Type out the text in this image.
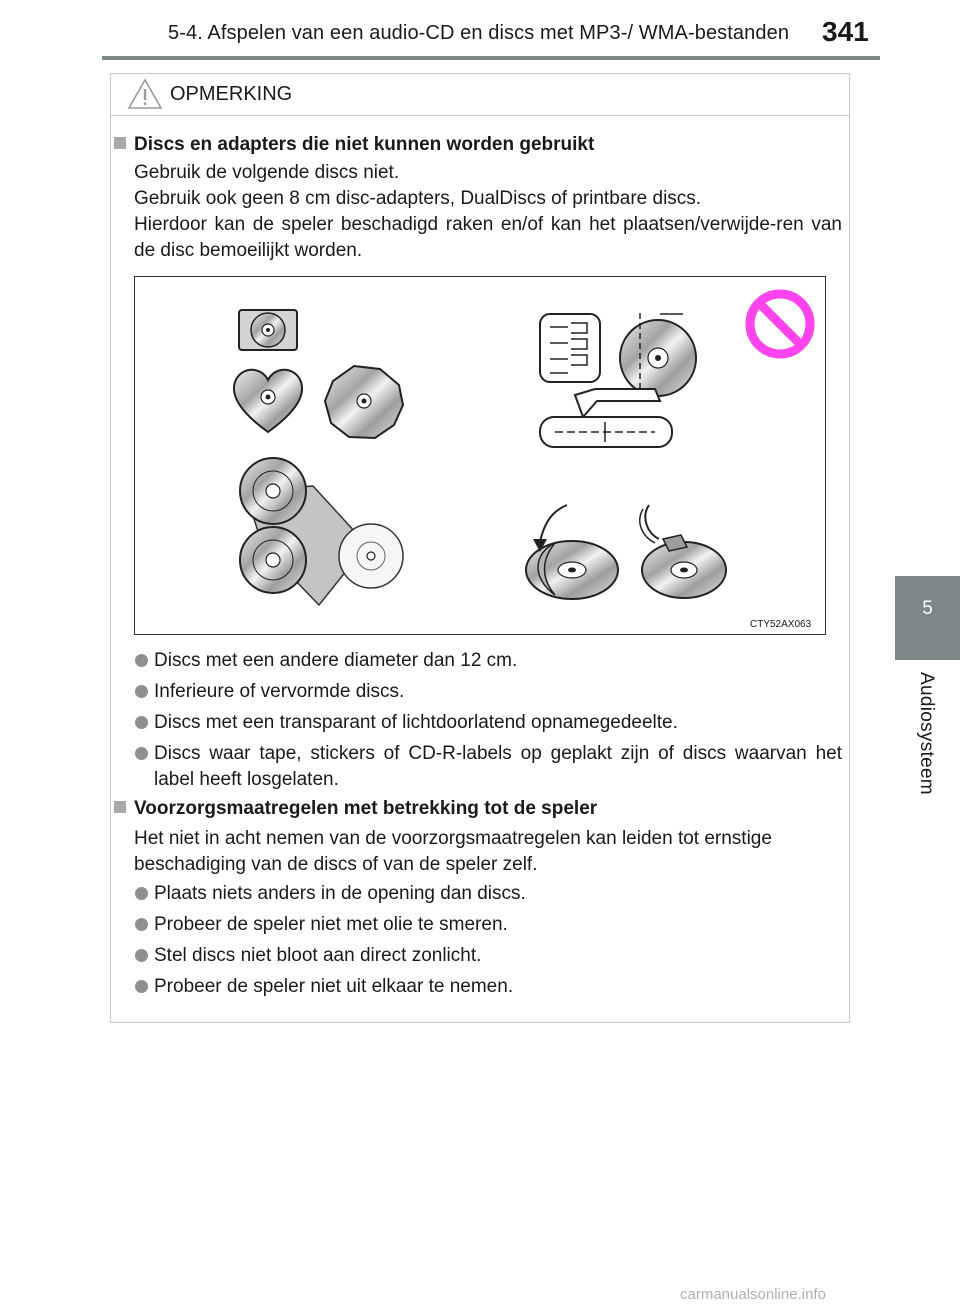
5-4. Afspelen van een audio-CD en discs met MP3-/ WMA-bestanden 341
5
Audiosysteem
OPMERKING
Discs en adapters die niet kunnen worden gebruikt
Gebruik de volgende discs niet.
Gebruik ook geen 8 cm disc-adapters, DualDiscs of printbare discs.
Hierdoor kan de speler beschadigd raken en/of kan het plaatsen/verwijde-ren van de disc bemoeilijkt worden.
CTY52AX063
Discs met een andere diameter dan 12 cm.
Inferieure of vervormde discs.
Discs met een transparant of lichtdoorlatend opnamegedeelte.
Discs waar tape, stickers of CD-R-labels op geplakt zijn of discs waarvan het label heeft losgelaten.
Voorzorgsmaatregelen met betrekking tot de speler
Het niet in acht nemen van de voorzorgsmaatregelen kan leiden tot ernstige beschadiging van de discs of van de speler zelf.
Plaats niets anders in de opening dan discs.
Probeer de speler niet met olie te smeren.
Stel discs niet bloot aan direct zonlicht.
Probeer de speler niet uit elkaar te nemen.
carmanualsonline.info
